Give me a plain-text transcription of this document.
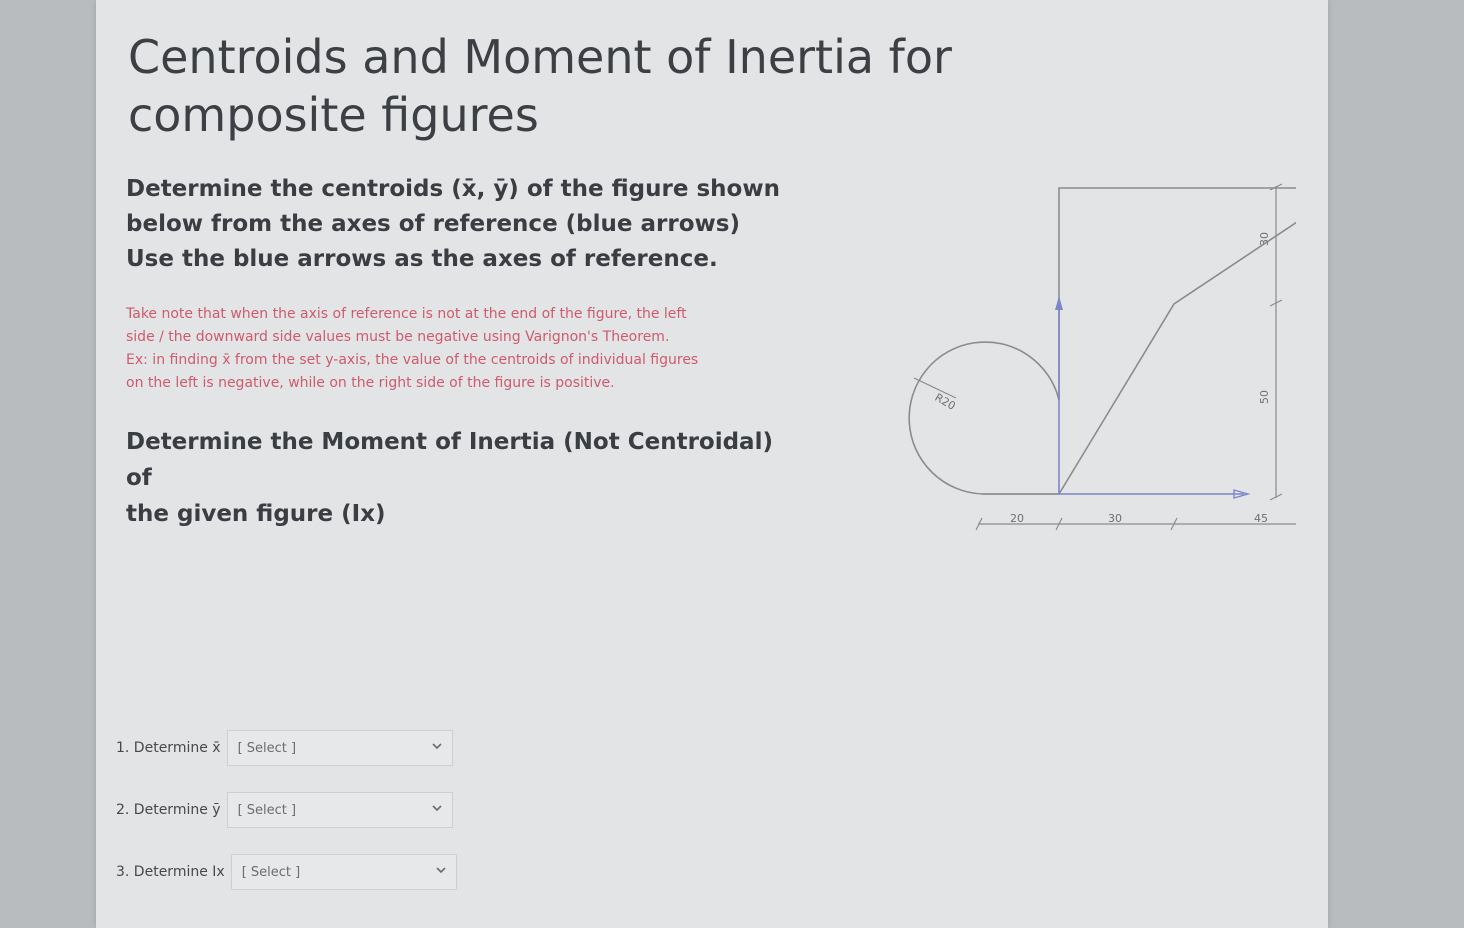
Centroids and Moment of Inertia for composite figures
Determine the centroids (x̄, ȳ) of the figure shown
below from the axes of reference (blue arrows)
Use the blue arrows as the axes of reference.
Take note that when the axis of reference is not at the end of the figure, the left
side / the downward side values must be negative using Varignon's Theorem.
Ex: in finding x̄ from the set y-axis, the value of the centroids of individual figures
on the left is negative, while on the right side of the figure is positive.
Determine the Moment of Inertia (Not Centroidal) of
the given figure (Ix)
R20
20	30	45
30
50
1. Determine x̄ [ Select ]
2. Determine ȳ [ Select ]
3. Determine Ix [ Select ]
